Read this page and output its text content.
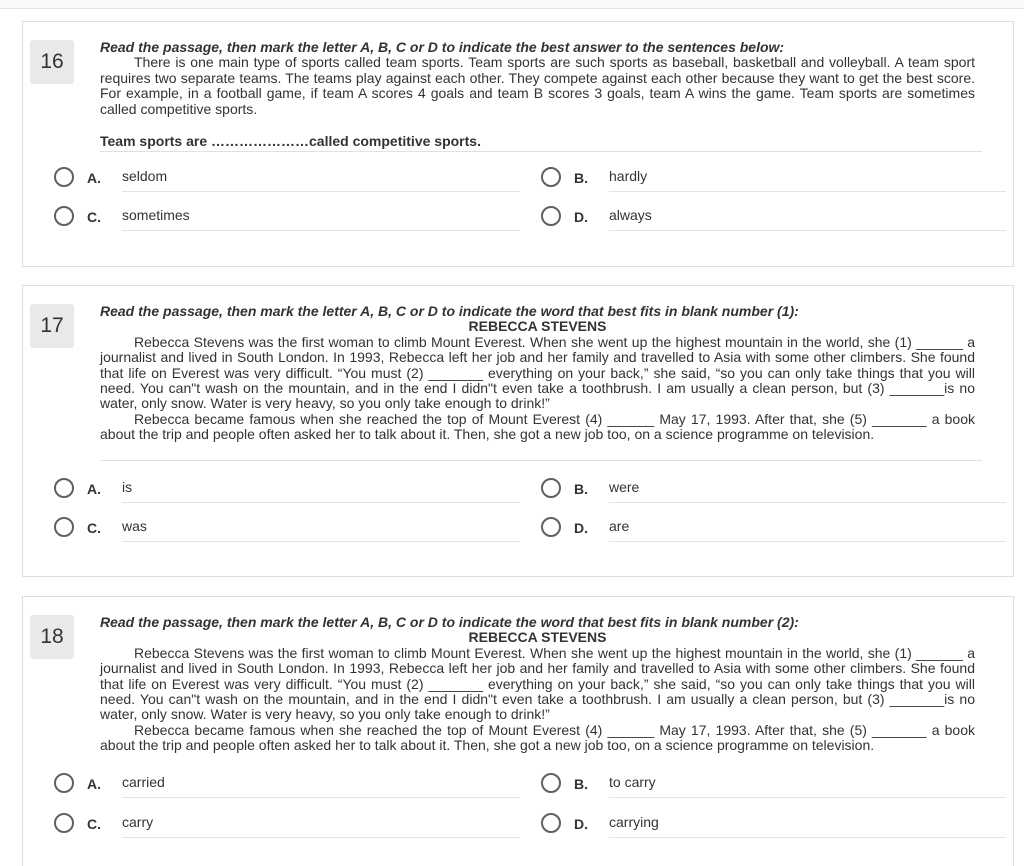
16
Read the passage, then mark the letter A, B, C or D to indicate the best answer to the sentences below:

There is one main type of sports called team sports. Team sports are such sports as baseball, basketball and volleyball. A team sport requires two separate teams. The teams play against each other. They compete against each other because they want to get the best score. For example, in a football game, if team A scores 4 goals and team B scores 3 goals, team A wins the game. Team sports are sometimes called competitive sports.

Team sports are …………………called competitive sports.
A. seldom	B. hardly
C. sometimes	D. always
17
Read the passage, then mark the letter A, B, C or D to indicate the word that best fits in blank number (1):
REBECCA STEVENS

Rebecca Stevens was the first woman to climb Mount Everest. When she went up the highest mountain in the world, she (1) ______ a journalist and lived in South London. In 1993, Rebecca left her job and her family and travelled to Asia with some other climbers. She found that life on Everest was very difficult. “You must (2) _______ everything on your back,” she said, “so you can only take things that you will need. You can"t wash on the mountain, and in the end I didn"t even take a toothbrush. I am usually a clean person, but (3) _______is no water, only snow. Water is very heavy, so you only take enough to drink!”

Rebecca became famous when she reached the top of Mount Everest (4) ______ May 17, 1993. After that, she (5) _______ a book about the trip and people often asked her to talk about it. Then, she got a new job too, on a science programme on television.

A. is	B. were
C. was	D. are
18
Read the passage, then mark the letter A, B, C or D to indicate the word that best fits in blank number (2):
REBECCA STEVENS

Rebecca Stevens was the first woman to climb Mount Everest. When she went up the highest mountain in the world, she (1) ______ a journalist and lived in South London. In 1993, Rebecca left her job and her family and travelled to Asia with some other climbers. She found that life on Everest was very difficult. “You must (2) _______ everything on your back,” she said, “so you can only take things that you will need. You can"t wash on the mountain, and in the end I didn"t even take a toothbrush. I am usually a clean person, but (3) _______is no water, only snow. Water is very heavy, so you only take enough to drink!”

Rebecca became famous when she reached the top of Mount Everest (4) ______ May 17, 1993. After that, she (5) _______ a book about the trip and people often asked her to talk about it. Then, she got a new job too, on a science programme on television.

A. carried	B. to carry
C. carry	D. carrying
